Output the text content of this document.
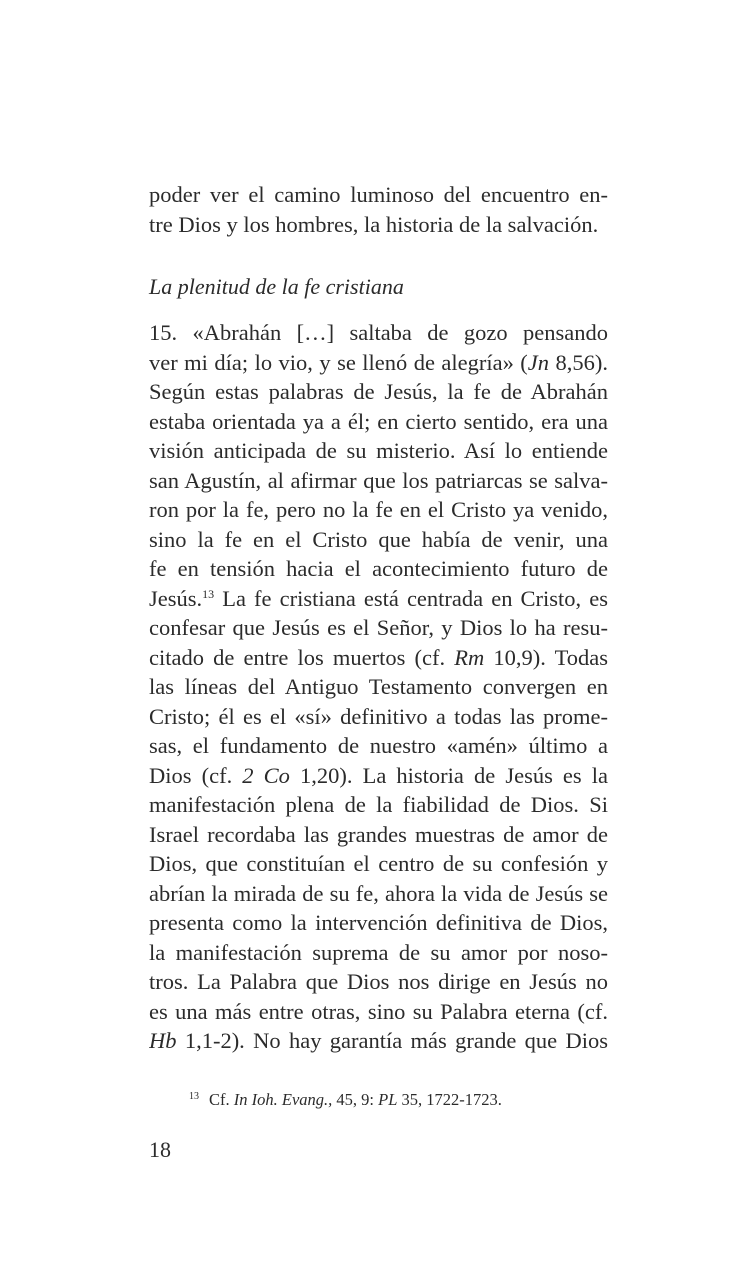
poder ver el camino luminoso del encuentro en-
tre Dios y los hombres, la historia de la salvación.
La plenitud de la fe cristiana
15. «Abrahán […] saltaba de gozo pensando
ver mi día; lo vio, y se llenó de alegría» (Jn 8,56).
Según estas palabras de Jesús, la fe de Abrahán
estaba orientada ya a él; en cierto sentido, era una
visión anticipada de su misterio. Así lo entiende
san Agustín, al afirmar que los patriarcas se salva-
ron por la fe, pero no la fe en el Cristo ya venido,
sino la fe en el Cristo que había de venir, una
fe en tensión hacia el acontecimiento futuro de
Jesús.$^{13}$ La fe cristiana está centrada en Cristo, es
confesar que Jesús es el Señor, y Dios lo ha resu-
citado de entre los muertos (cf. Rm 10,9). Todas
las líneas del Antiguo Testamento convergen en
Cristo; él es el «sí» definitivo a todas las prome-
sas, el fundamento de nuestro «amén» último a
Dios (cf. 2 Co 1,20). La historia de Jesús es la
manifestación plena de la fiabilidad de Dios. Si
Israel recordaba las grandes muestras de amor de
Dios, que constituían el centro de su confesión y
abrían la mirada de su fe, ahora la vida de Jesús se
presenta como la intervención definitiva de Dios,
la manifestación suprema de su amor por noso-
tros. La Palabra que Dios nos dirige en Jesús no
es una más entre otras, sino su Palabra eterna (cf.
Hb 1,1-2). No hay garantía más grande que Dios
$^{13}$ Cf. In Ioh. Evang., 45, 9: PL 35, 1722-1723.
18
